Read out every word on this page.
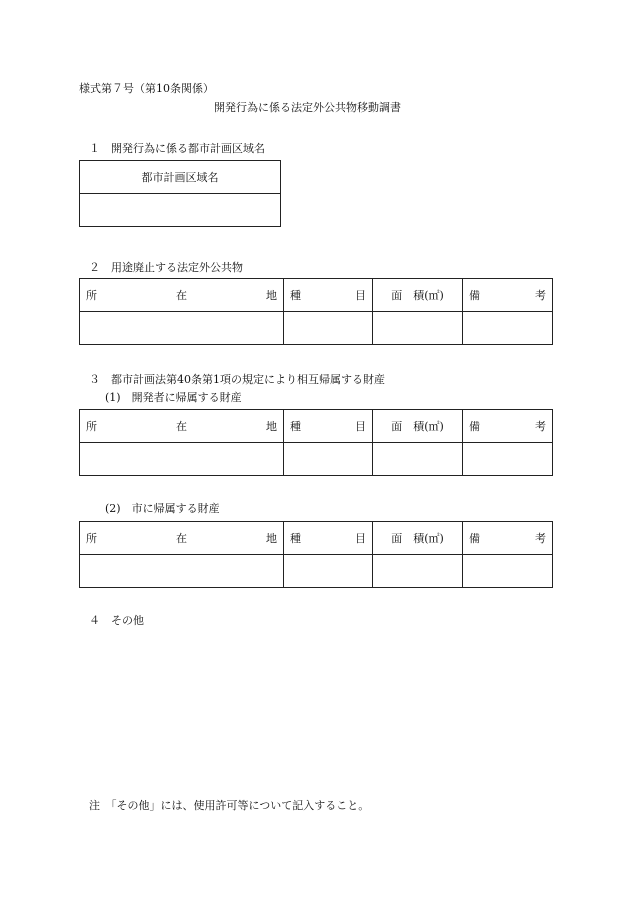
様式第７号（第10条関係）
開発行為に係る法定外公共物移動調書
１　開発行為に係る都市計画区域名
都市計画区域名

２　用途廃止する法定外公共物
所 在 地	種 目	面　積(㎡)	備 考

３　都市計画法第40条第1項の規定により相互帰属する財産
(1)　開発者に帰属する財産
所 在 地	種 目	面　積(㎡)	備 考

(2)　市に帰属する財産
所 在 地	種 目	面　積(㎡)	備 考

４　その他
注　「その他」には、使用許可等について記入すること。
